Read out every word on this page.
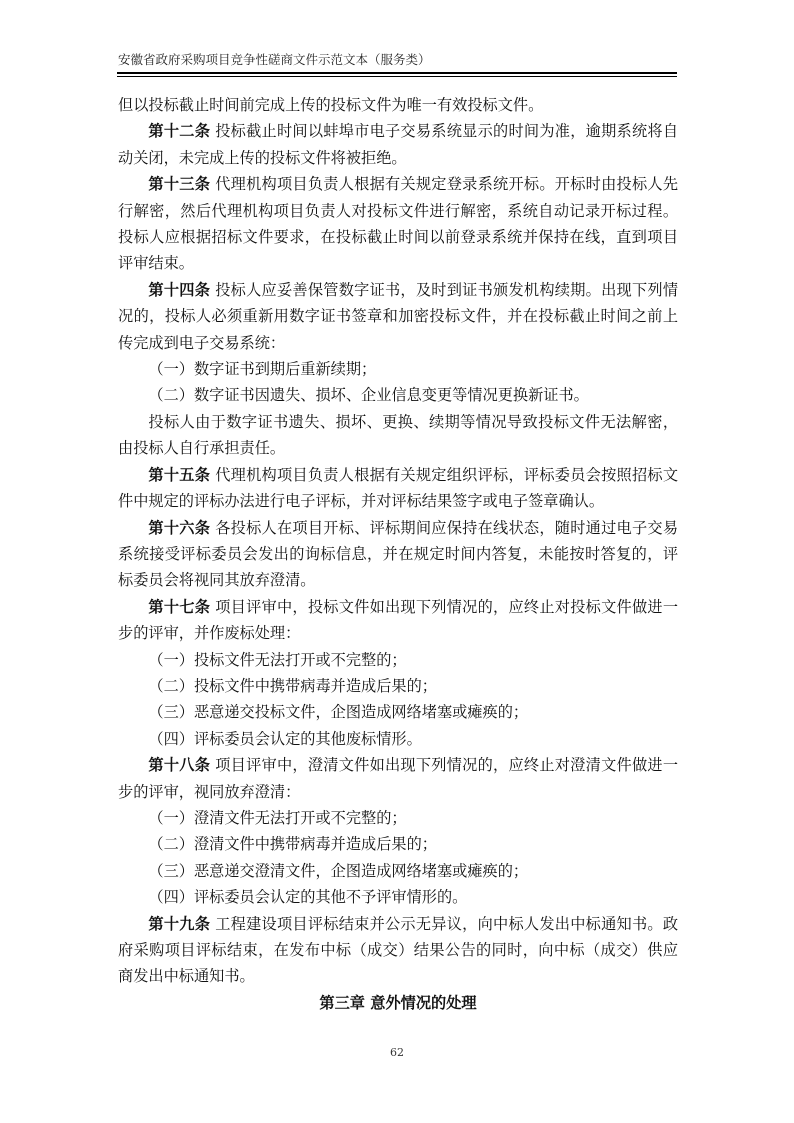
安徽省政府采购项目竞争性磋商文件示范文本（服务类）

但以投标截止时间前完成上传的投标文件为唯一有效投标文件。

第十二条 投标截止时间以蚌埠市电子交易系统显示的时间为准，逾期系统将自动关闭，未完成上传的投标文件将被拒绝。

第十三条 代理机构项目负责人根据有关规定登录系统开标。开标时由投标人先行解密，然后代理机构项目负责人对投标文件进行解密，系统自动记录开标过程。投标人应根据招标文件要求，在投标截止时间以前登录系统并保持在线，直到项目评审结束。

第十四条 投标人应妥善保管数字证书，及时到证书颁发机构续期。出现下列情况的，投标人必须重新用数字证书签章和加密投标文件，并在投标截止时间之前上传完成到电子交易系统：

（一）数字证书到期后重新续期；

（二）数字证书因遗失、损坏、企业信息变更等情况更换新证书。

投标人由于数字证书遗失、损坏、更换、续期等情况导致投标文件无法解密，由投标人自行承担责任。

第十五条 代理机构项目负责人根据有关规定组织评标，评标委员会按照招标文件中规定的评标办法进行电子评标，并对评标结果签字或电子签章确认。

第十六条 各投标人在项目开标、评标期间应保持在线状态，随时通过电子交易系统接受评标委员会发出的询标信息，并在规定时间内答复，未能按时答复的，评标委员会将视同其放弃澄清。

第十七条 项目评审中，投标文件如出现下列情况的，应终止对投标文件做进一步的评审，并作废标处理：

（一）投标文件无法打开或不完整的；

（二）投标文件中携带病毒并造成后果的；

（三）恶意递交投标文件，企图造成网络堵塞或瘫痪的；

（四）评标委员会认定的其他废标情形。

第十八条 项目评审中，澄清文件如出现下列情况的，应终止对澄清文件做进一步的评审，视同放弃澄清：

（一）澄清文件无法打开或不完整的；

（二）澄清文件中携带病毒并造成后果的；

（三）恶意递交澄清文件，企图造成网络堵塞或瘫痪的；

（四）评标委员会认定的其他不予评审情形的。

第十九条 工程建设项目评标结束并公示无异议，向中标人发出中标通知书。政府采购项目评标结束，在发布中标（成交）结果公告的同时，向中标（成交）供应商发出中标通知书。

第三章 意外情况的处理

62
